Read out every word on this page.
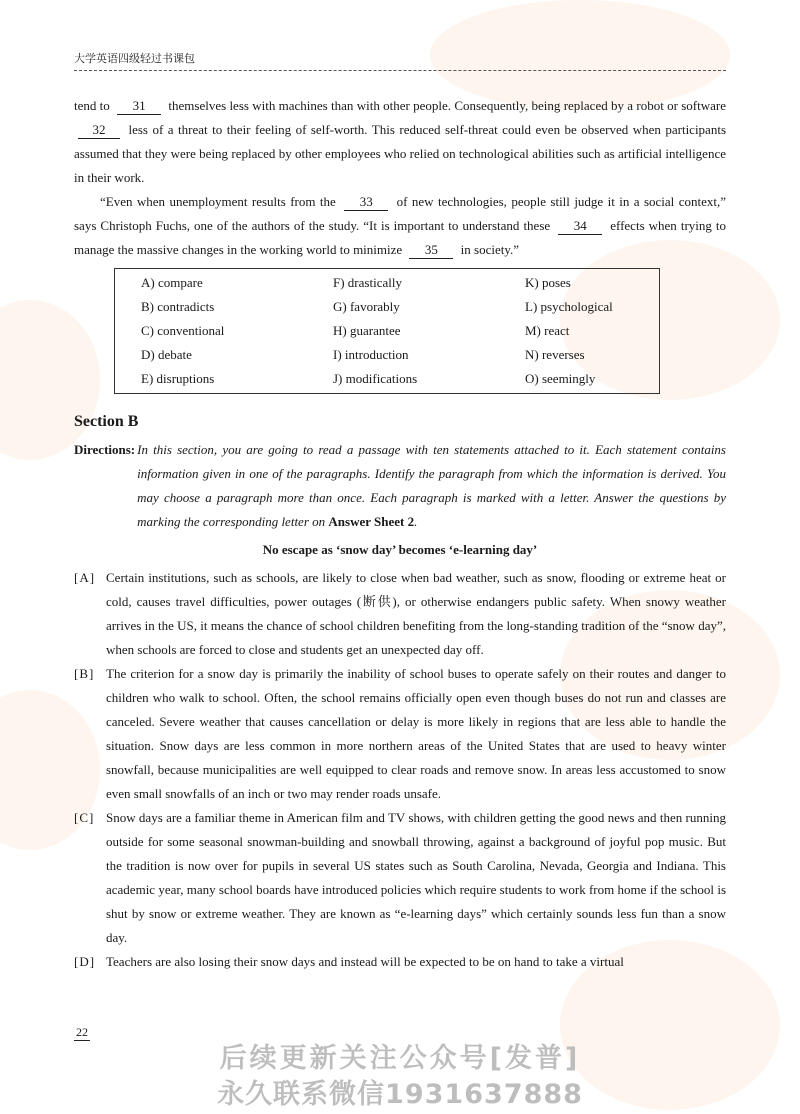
大学英语四级轻过书课包

tend to 31 themselves less with machines than with other people. Consequently, being replaced by a robot or software 32 less of a threat to their feeling of self-worth. This reduced self-threat could even be observed when participants assumed that they were being replaced by other employees who relied on technological abilities such as artificial intelligence in their work.

“Even when unemployment results from the 33 of new technologies, people still judge it in a social context,” says Christoph Fuchs, one of the authors of the study. “It is important to understand these 34 effects when trying to manage the massive changes in the working world to minimize 35 in society.”

A) compare	F) drastically	K) poses
B) contradicts	G) favorably	L) psychological
C) conventional	H) guarantee	M) react
D) debate	I) introduction	N) reverses
E) disruptions	J) modifications	O) seemingly
Section B
Directions: In this section, you are going to read a passage with ten statements attached to it. Each statement contains information given in one of the paragraphs. Identify the paragraph from which the information is derived. You may choose a paragraph more than once. Each paragraph is marked with a letter. Answer the questions by marking the corresponding letter on Answer Sheet 2.
No escape as ‘snow day’ becomes ‘e-learning day’
[A] Certain institutions, such as schools, are likely to close when bad weather, such as snow, flooding or extreme heat or cold, causes travel difficulties, power outages (断供), or otherwise endangers public safety. When snowy weather arrives in the US, it means the chance of school children benefiting from the long-standing tradition of the “snow day”, when schools are forced to close and students get an unexpected day off.
[B] The criterion for a snow day is primarily the inability of school buses to operate safely on their routes and danger to children who walk to school. Often, the school remains officially open even though buses do not run and classes are canceled. Severe weather that causes cancellation or delay is more likely in regions that are less able to handle the situation. Snow days are less common in more northern areas of the United States that are used to heavy winter snowfall, because municipalities are well equipped to clear roads and remove snow. In areas less accustomed to snow even small snowfalls of an inch or two may render roads unsafe.
[C] Snow days are a familiar theme in American film and TV shows, with children getting the good news and then running outside for some seasonal snowman-building and snowball throwing, against a background of joyful pop music. But the tradition is now over for pupils in several US states such as South Carolina, Nevada, Georgia and Indiana. This academic year, many school boards have introduced policies which require students to work from home if the school is shut by snow or extreme weather. They are known as “e-learning days” which certainly sounds less fun than a snow day.
[D] Teachers are also losing their snow days and instead will be expected to be on hand to take a virtual
22
后续更新关注公众号[发普]
永久联系微信1931637888
